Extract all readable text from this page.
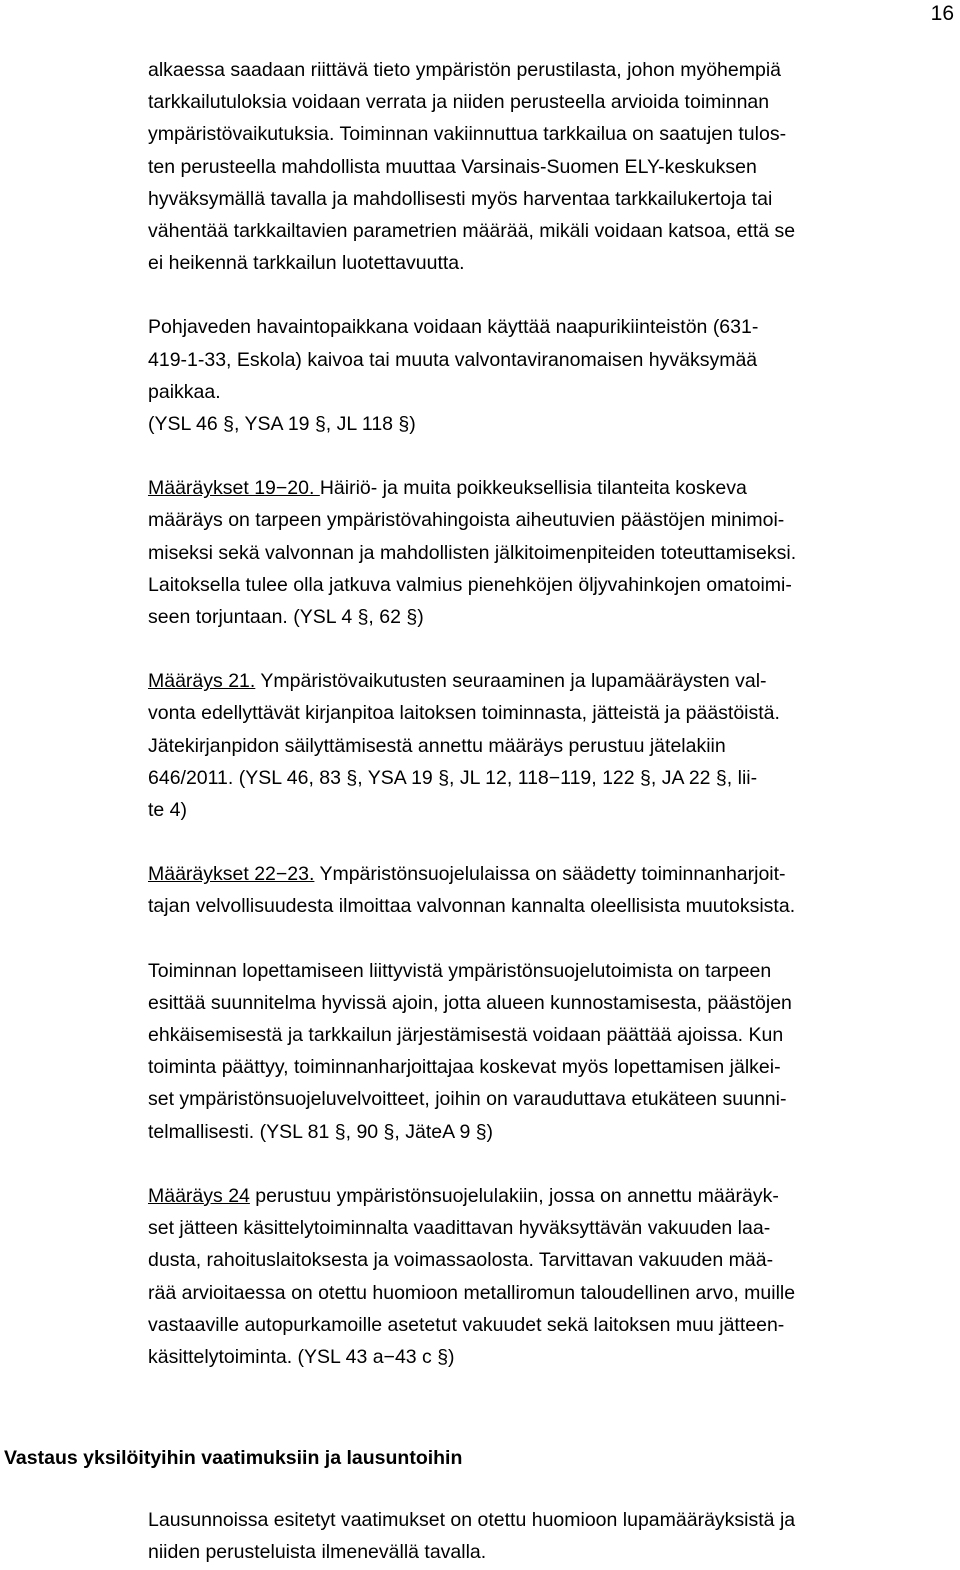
16

alkaessa saadaan riittävä tieto ympäristön perustilasta, johon myöhempiä
tarkkailutuloksia voidaan verrata ja niiden perusteella arvioida toiminnan
ympäristövaikutuksia. Toiminnan vakiinnuttua tarkkailua on saatujen tulos-
ten perusteella mahdollista muuttaa Varsinais-Suomen ELY-keskuksen
hyväksymällä tavalla ja mahdollisesti myös harventaa tarkkailukertoja tai
vähentää tarkkailtavien parametrien määrää, mikäli voidaan katsoa, että se
ei heikennä tarkkailun luotettavuutta.

Pohjaveden havaintopaikkana voidaan käyttää naapurikiinteistön (631-
419-1-33, Eskola) kaivoa tai muuta valvontaviranomaisen hyväksymää
paikkaa.
(YSL 46 §, YSA 19 §, JL 118 §)

Määräykset 19−20. Häiriö- ja muita poikkeuksellisia tilanteita koskeva
määräys on tarpeen ympäristövahingoista aiheutuvien päästöjen minimoi-
miseksi sekä valvonnan ja mahdollisten jälkitoimenpiteiden toteuttamiseksi.
Laitoksella tulee olla jatkuva valmius pienehköjen öljyvahinkojen omatoimi-
seen torjuntaan. (YSL 4 §, 62 §)

Määräys 21. Ympäristövaikutusten seuraaminen ja lupamääräysten val-
vonta edellyttävät kirjanpitoa laitoksen toiminnasta, jätteistä ja päästöistä.
Jätekirjanpidon säilyttämisestä annettu määräys perustuu jätelakiin
646/2011. (YSL 46, 83 §, YSA 19 §, JL 12, 118−119, 122 §, JA 22 §, lii-
te 4)

Määräykset 22−23. Ympäristönsuojelulaissa on säädetty toiminnanharjoit-
tajan velvollisuudesta ilmoittaa valvonnan kannalta oleellisista muutoksista.

Toiminnan lopettamiseen liittyvistä ympäristönsuojelutoimista on tarpeen
esittää suunnitelma hyvissä ajoin, jotta alueen kunnostamisesta, päästöjen
ehkäisemisestä ja tarkkailun järjestämisestä voidaan päättää ajoissa. Kun
toiminta päättyy, toiminnanharjoittajaa koskevat myös lopettamisen jälkei-
set ympäristönsuojeluvelvoitteet, joihin on varauduttava etukäteen suunni-
telmallisesti. (YSL 81 §, 90 §, JäteA 9 §)

Määräys 24 perustuu ympäristönsuojelulakiin, jossa on annettu määräyk-
set jätteen käsittelytoiminnalta vaadittavan hyväksyttävän vakuuden laa-
dusta, rahoituslaitoksesta ja voimassaolosta. Tarvittavan vakuuden mää-
rää arvioitaessa on otettu huomioon metalliromun taloudellinen arvo, muille
vastaaville autopurkamoille asetetut vakuudet sekä laitoksen muu jätteen-
käsittelytoiminta. (YSL 43 a−43 c §)

Vastaus yksilöityihin vaatimuksiin ja lausuntoihin

Lausunnoissa esitetyt vaatimukset on otettu huomioon lupamääräyksistä ja
niiden perusteluista ilmenevällä tavalla.
